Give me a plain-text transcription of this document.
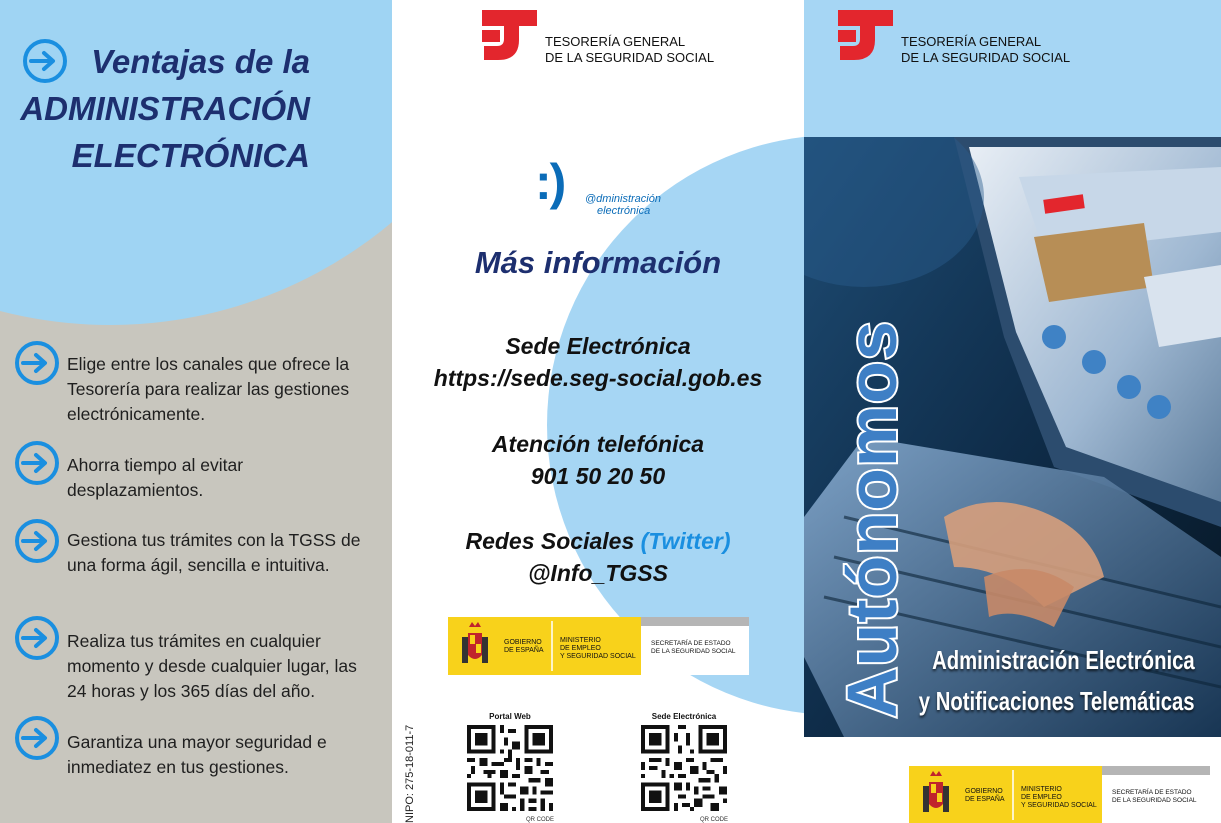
Ventajas de la
ADMINISTRACIÓN
ELECTRÓNICA
Elige entre los canales que ofrece la Tesorería para realizar las gestiones electrónicamente.
Ahorra tiempo al evitar desplazamientos.
Gestiona tus trámites con la TGSS de una forma ágil, sencilla e intuitiva.
Realiza tus trámites en cualquier momento y desde cualquier lugar, las 24 horas y los 365 días del año.
Garantiza una mayor seguridad e inmediatez en tus gestiones.
TESORERÍA GENERAL
DE LA SEGURIDAD SOCIAL
:) @dministración
electrónica
Más información
Sede Electrónica
https://sede.seg-social.gob.es
Atención telefónica
901 50 20 50
Redes Sociales (Twitter)
@Info_TGSS
GOBIERNO
DE ESPAÑA
MINISTERIO
DE EMPLEO
Y SEGURIDAD SOCIAL
SECRETARÍA DE ESTADO
DE LA SEGURIDAD SOCIAL
NIPO: 275-18-011-7
Portal Web
QR CODE
Sede Electrónica
QR CODE
TESORERÍA GENERAL
DE LA SEGURIDAD SOCIAL
Autónomos Administración Electrónica
y Notificaciones Telemáticas
GOBIERNO
DE ESPAÑA
MINISTERIO
DE EMPLEO
Y SEGURIDAD SOCIAL
SECRETARÍA DE ESTADO
DE LA SEGURIDAD SOCIAL
